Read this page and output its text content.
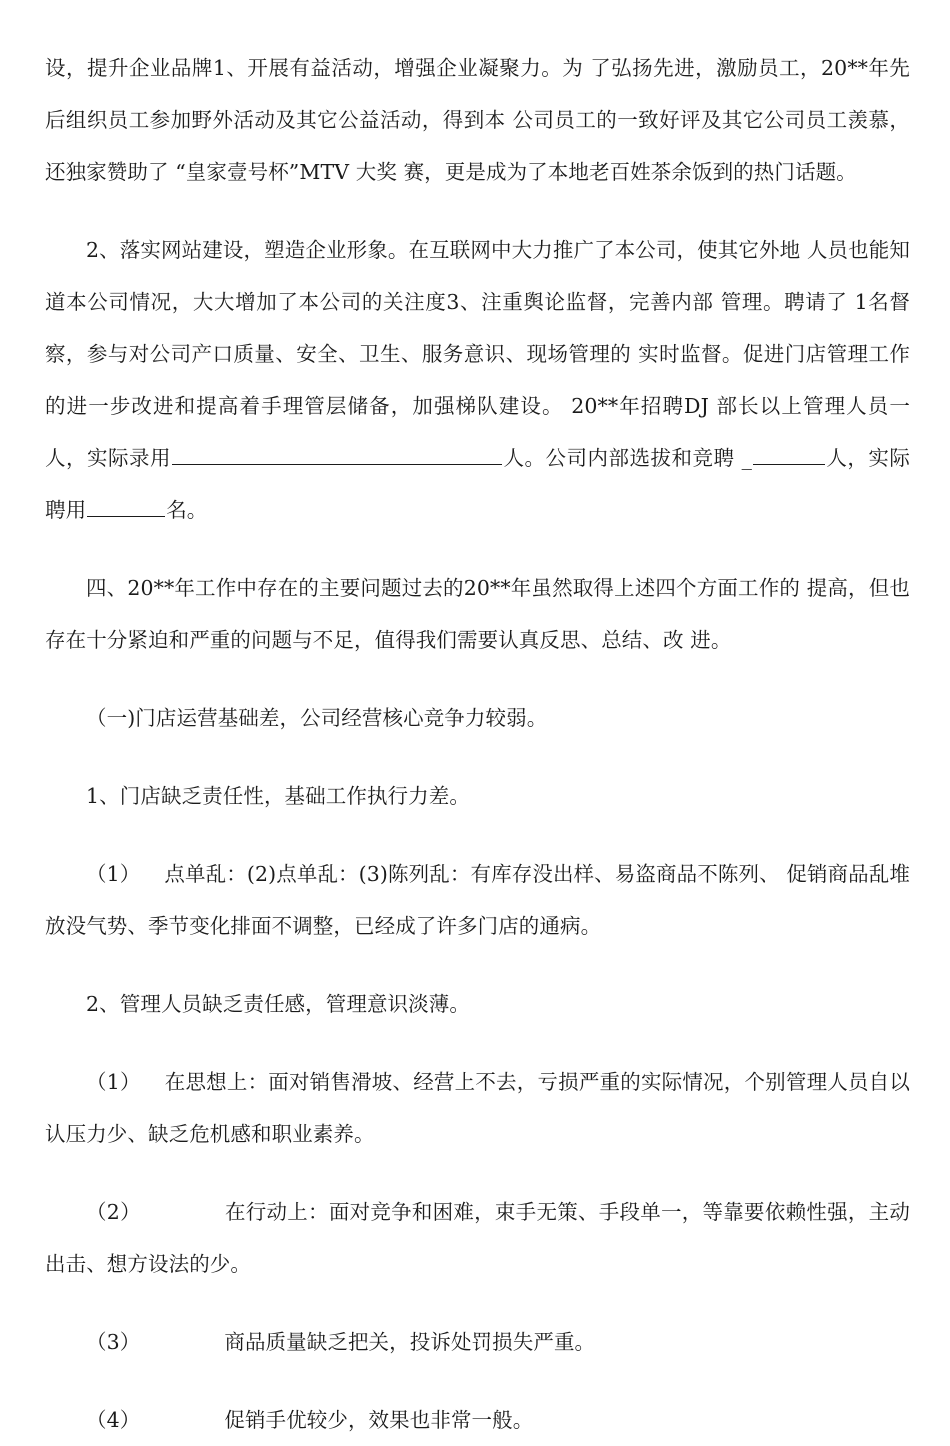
设，提升企业品牌1、开展有益活动，增强企业凝聚力。为 了弘扬先进，激励员工，20**年先后组织员工参加野外活动及其它公益活动，得到本 公司员工的一致好评及其它公司员工羡慕，还独家赞助了 “皇家壹号杯”MTV 大奖 赛，更是成为了本地老百姓茶余饭到的热门话题。

2、落实网站建设，塑造企业形象。在互联网中大力推广了本公司，使其它外地 人员也能知道本公司情况，大大增加了本公司的关注度3、注重舆论监督，完善内部 管理。聘请了 1名督察，参与对公司产口质量、安全、卫生、服务意识、现场管理的 实时监督。促进门店管理工作的进一步改进和提高着手理管层储备，加强梯队建设。 20**年招聘DJ 部长以上管理人员一人，实际录用	人。公司内部选拔和竞聘 _	人，实际聘用	名。

四、20**年工作中存在的主要问题过去的20**年虽然取得上述四个方面工作的 提高，但也存在十分紧迫和严重的问题与不足，值得我们需要认真反思、总结、改 进。

（一)门店运营基础差，公司经营核心竞争力较弱。

1、门店缺乏责任性，基础工作执行力差。

（1） 点单乱：(2)点单乱：(3)陈列乱：有库存没出样、易盗商品不陈列、 促销商品乱堆放没气势、季节变化排面不调整，已经成了许多门店的通病。

2、管理人员缺乏责任感，管理意识淡薄。

（1） 在思想上：面对销售滑坡、经营上不去，亏损严重的实际情况，个别管理人员自以认压力少、缺乏危机感和职业素养。

（2）	在行动上：面对竞争和困难，束手无策、手段单一，等靠要依赖性强，主动出击、想方设法的少。

（3）	商品质量缺乏把关，投诉处罚损失严重。

（4）	促销手优较少，效果也非常一般。
